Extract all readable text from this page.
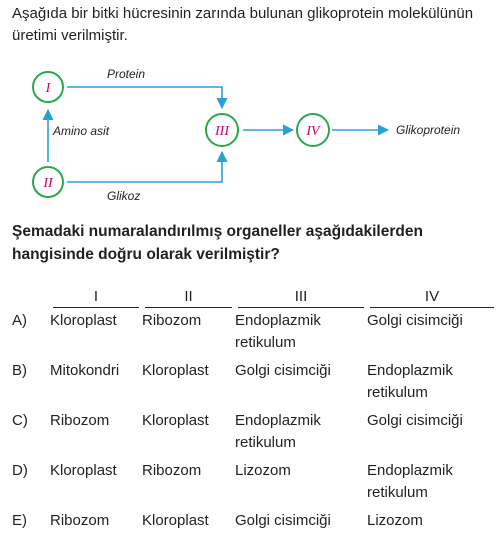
Aşağıda bir bitki hücresinin zarında bulunan glikoprotein molekülünün üretimi verilmiştir.

I
II
III	IV
Protein
Amino asit
Glikoz
Glikoprotein

Şemadaki numaralandırılmış organeller aşağıdakilerden hangisinde doğru olarak verilmiştir?

	I	II	III	IV

A)	Kloroplast	Ribozom	Endoplazmik retikulum	Golgi cisimciği
B)	Mitokondri	Kloroplast	Golgi cisimciği	Endoplazmik retikulum
C)	Ribozom	Kloroplast	Endoplazmik retikulum	Golgi cisimciği
D)	Kloroplast	Ribozom	Lizozom	Endoplazmik retikulum
E)	Ribozom	Kloroplast	Golgi cisimciği	Lizozom
